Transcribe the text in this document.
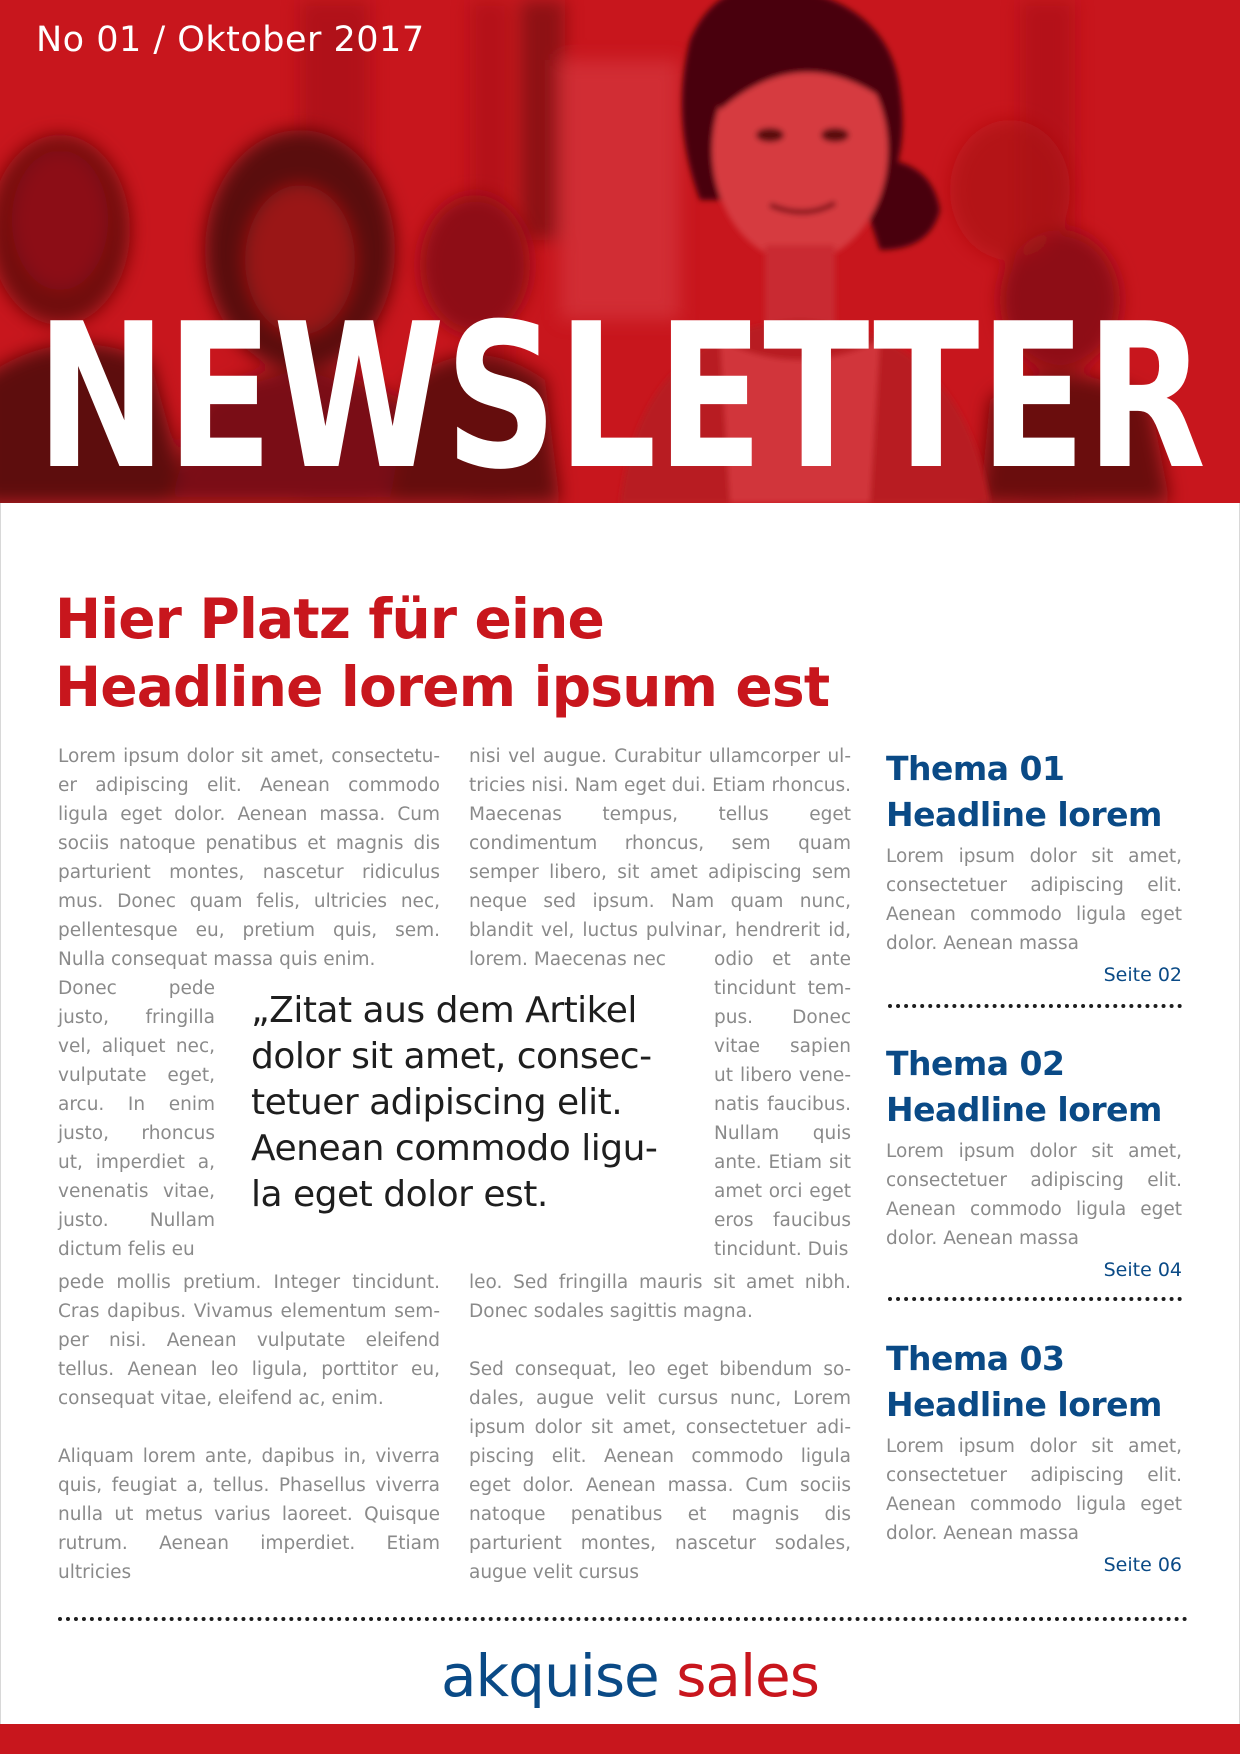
No 01 / Oktober 2017

NEWSLETTER
Hier Platz für eine
Headline lorem ipsum est

Lorem ipsum dolor sit amet, consectetuer adipiscing elit. Aenean commodo ligula eget dolor. Aenean massa. Cum sociis natoque penatibus et magnis dis parturient montes, nascetur ridiculus mus. Donec quam felis, ultricies nec, pellentesque eu, pretium quis, sem. Nulla consequat massa quis enim.

Donec pede justo, fringilla vel, aliquet nec, vulputate eget, arcu. In enim justo, rhoncus ut, imperdiet a, venenatis vitae, justo. Nullam dictum felis eu

pede mollis pretium. Integer tincidunt. Cras dapibus. Vivamus elementum semper nisi. Aenean vulputate eleifend tellus. Aenean leo ligula, porttitor eu, consequat vitae, eleifend ac, enim.

Aliquam lorem ante, dapibus in, viverra quis, feugiat a, tellus. Phasellus viverra nulla ut metus varius laoreet. Quisque rutrum. Aenean imperdiet. Etiam ultricies

nisi vel augue. Curabitur ullamcorper ultricies nisi. Nam eget dui. Etiam rhoncus. Maecenas tempus, tellus eget condimentum rhoncus, sem quam semper libero, sit amet adipiscing sem neque sed ipsum. Nam quam nunc, blandit vel, luctus pulvinar, hendrerit id, lorem. Maecenas nec	odio et ante tincidunt tempus. Donec vitae sapien ut libero venenatis faucibus. Nullam quis ante. Etiam sit amet orci eget eros faucibus tincidunt. Duis

leo. Sed fringilla mauris sit amet nibh. Donec sodales sagittis magna.

Sed consequat, leo eget bibendum sodales, augue velit cursus nunc, Lorem ipsum dolor sit amet, consectetuer adipiscing elit. Aenean commodo ligula eget dolor. Aenean massa. Cum sociis natoque penatibus et magnis dis parturient montes, nascetur sodales, augue velit cursus

„Zitat aus dem Artikel
dolor sit amet, consec-
tetuer adipiscing elit.
Aenean commodo ligu-
la eget dolor est.
Thema 01
Headline lorem

Lorem ipsum dolor sit amet, consectetuer adipiscing elit. Aenean commodo ligula eget dolor. Aenean massa

Seite 02
Thema 02
Headline lorem

Lorem ipsum dolor sit amet, consectetuer adipiscing elit. Aenean commodo ligula eget dolor. Aenean massa

Seite 04
Thema 03
Headline lorem

Lorem ipsum dolor sit amet, consectetuer adipiscing elit. Aenean commodo ligula eget dolor. Aenean massa

Seite 06
akquise sales
